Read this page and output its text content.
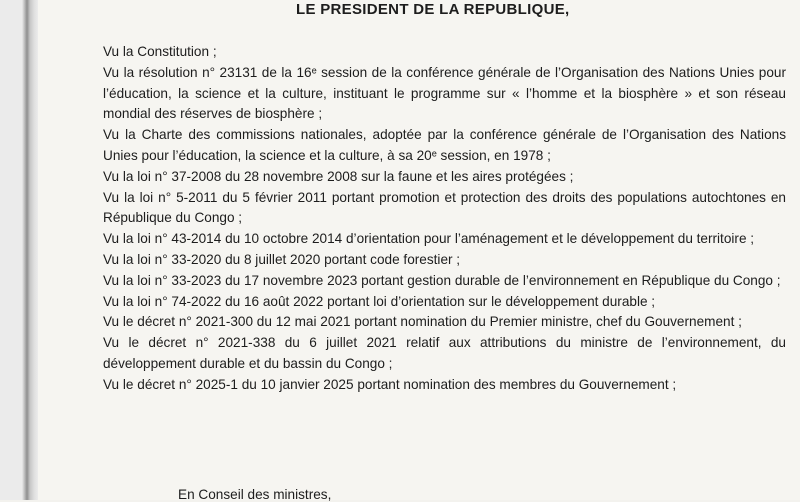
LE PRESIDENT DE LA REPUBLIQUE,
Vu la Constitution ;
Vu la résolution n° 23131 de la 16ᵉ session de la conférence générale de l’Organisation des Nations Unies pour l’éducation, la science et la culture, instituant le programme sur « l’homme et la biosphère » et son réseau mondial des réserves de biosphère ;
Vu la Charte des commissions nationales, adoptée par la conférence générale de l’Organisation des Nations Unies pour l’éducation, la science et la culture, à sa 20ᵉ session, en 1978 ;
Vu la loi n° 37-2008 du 28 novembre 2008 sur la faune et les aires protégées ;
Vu la loi n° 5-2011 du 5 février 2011 portant promotion et protection des droits des populations autochtones en République du Congo ;
Vu la loi n° 43-2014 du 10 octobre 2014 d’orientation pour l’aménagement et le développement du territoire ;
Vu la loi n° 33-2020 du 8 juillet 2020 portant code forestier ;
Vu la loi n° 33-2023 du 17 novembre 2023 portant gestion durable de l’environnement en République du Congo ;
Vu la loi n° 74-2022 du 16 août 2022 portant loi d’orientation sur le développement durable ;
Vu le décret n° 2021-300 du 12 mai 2021 portant nomination du Premier ministre, chef du Gouvernement ;
Vu le décret n° 2021-338 du 6 juillet 2021 relatif aux attributions du ministre de l’environnement, du développement durable et du bassin du Congo ;
Vu le décret n° 2025-1 du 10 janvier 2025 portant nomination des membres du Gouvernement ;
En Conseil des ministres,
